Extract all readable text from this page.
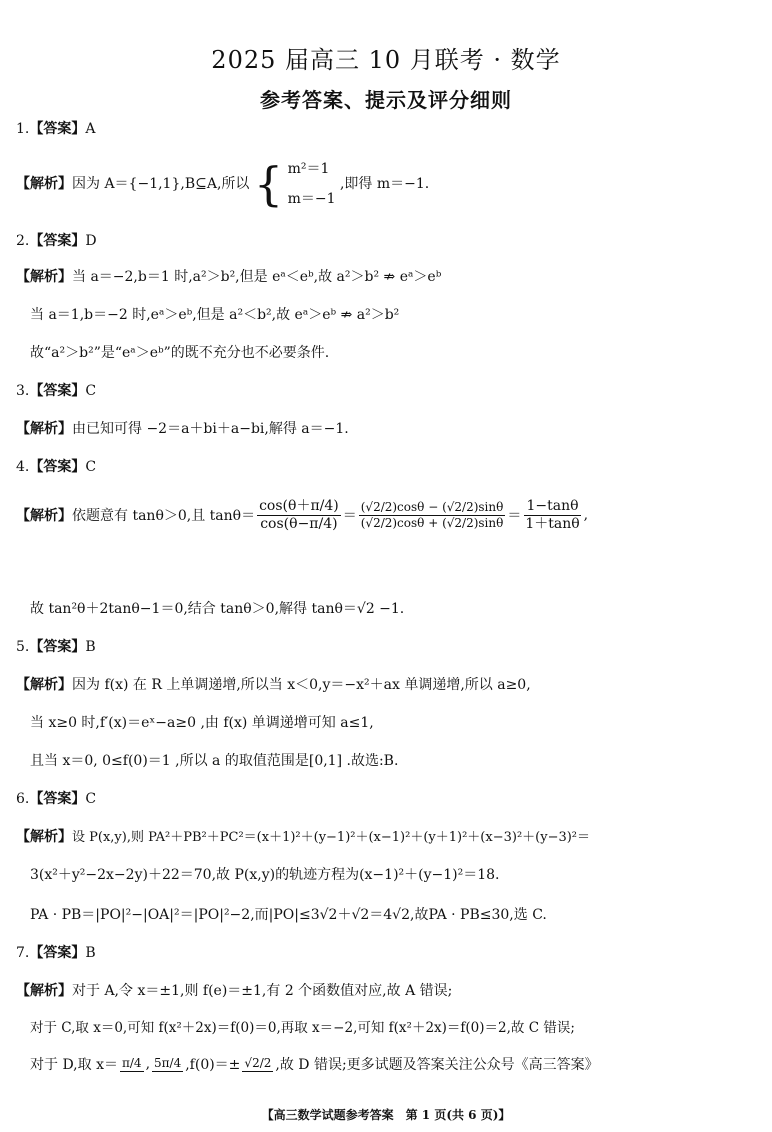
2025 届高三 10 月联考 · 数学
参考答案、提示及评分细则
1.【答案】A
【解析】因为 A＝{−1,1},B⊆A,所以 { m²＝1
m＝−1
,即得 m＝−1.
2.【答案】D
【解析】当 a＝−2,b＝1 时,a²＞b²,但是 eᵃ＜eᵇ,故 a²＞b² ⇏ eᵃ＞eᵇ
当 a＝1,b＝−2 时,eᵃ＞eᵇ,但是 a²＜b²,故 eᵃ＞eᵇ ⇏ a²＞b²
故“a²＞b²”是“eᵃ＞eᵇ”的既不充分也不必要条件.
3.【答案】C
【解析】由已知可得 −2＝a＋bi＋a−bi,解得 a＝−1.
4.【答案】C
【解析】 依题意有 tanθ＞0,且 $\tan\theta= \frac{\cos(\theta+\pi/4)}{\cos(\theta-\pi/4)} = \frac{(√2/2)\cos\theta - (√2/2)\sin\theta}{(√2/2)\cos\theta + (√2/2)\sin\theta} = \frac{1-\tan\theta}{1+\tan\theta}$ ,
故 tan²θ＋2tanθ−1＝0,结合 tanθ＞0,解得 tanθ＝√2 −1.
5.【答案】B
【解析】因为 f(x) 在 R 上单调递增,所以当 x＜0,y＝−x²＋ax 单调递增,所以 a≥0,
当 x≥0 时,f′(x)＝eˣ−a≥0 ,由 f(x) 单调递增可知 a≤1,
且当 x＝0, 0≤f(0)＝1 ,所以 a 的取值范围是[0,1] .故选:B.
6.【答案】C
【解析】设 P(x,y),则 PA²＋PB²＋PC²＝(x＋1)²＋(y−1)²＋(x−1)²＋(y＋1)²＋(x−3)²＋(y−3)²＝
3(x²＋y²−2x−2y)＋22＝70,故 P(x,y)的轨迹方程为(x−1)²＋(y−1)²＝18.
PA · PB＝|PO|²−|OA|²＝|PO|²−2,而|PO|≤3√2＋√2＝4√2,故PA · PB≤30,选 C.
7.【答案】B
【解析】对于 A,令 x＝±1,则 f(e)＝±1,有 2 个函数值对应,故 A 错误;
对于 C,取 x＝0,可知 f(x²＋2x)＝f(0)＝0,再取 x＝−2,可知 f(x²＋2x)＝f(0)＝2,故 C 错误;
对于 D,取 x＝ π/4 , 5π/4 ,f(0)＝± √2/2 ,故 D 错误;更多试题及答案关注公众号《高三答案》
【高三数学试题参考答案　第 1 页(共 6 页)】
